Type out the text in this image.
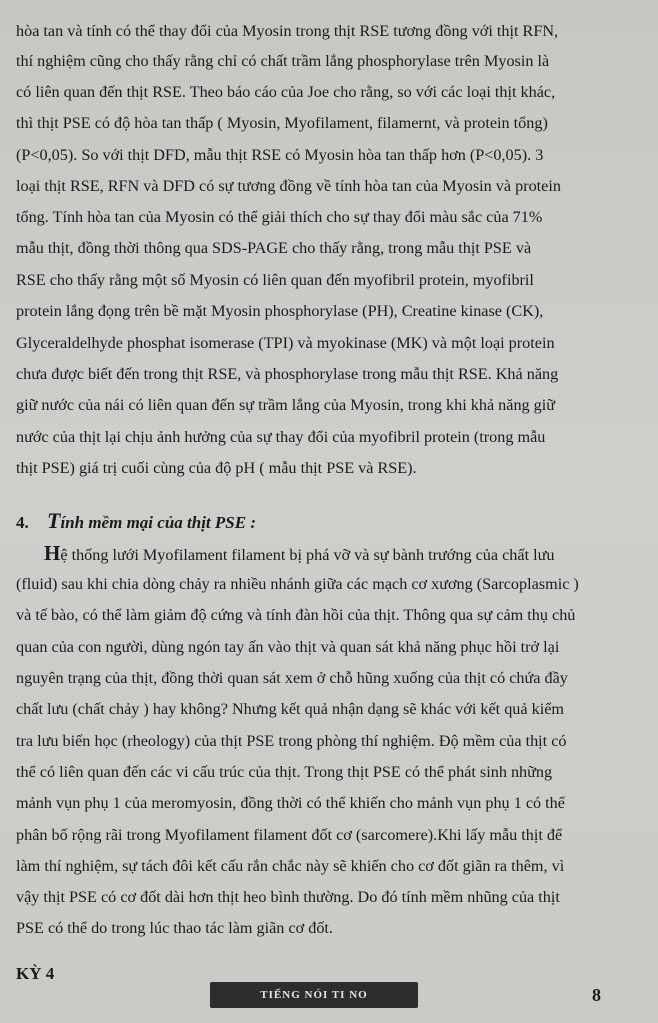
hòa tan và tính có thể thay đổi của Myosin trong thịt RSE tương đồng với thịt RFN,
thí nghiệm cũng cho thấy rằng chỉ có chất trầm lắng phosphorylase trên Myosin là
có liên quan đến thịt RSE. Theo báo cáo của Joe cho rằng, so với các loại thịt khác,
thì thịt PSE có độ hòa tan thấp ( Myosin, Myofilament, filamernt, và protein tổng)
(P<0,05). So với thịt DFD, mẫu thịt RSE có Myosin hòa tan thấp hơn (P<0,05). 3
loại thịt RSE, RFN và DFD có sự tương đồng về tính hòa tan của Myosin và protein
tổng. Tính hòa tan của Myosin có thể giải thích cho sự thay đổi màu sắc của 71%
mẫu thịt, đồng thời thông qua SDS-PAGE cho thấy rằng, trong mẫu thịt PSE và
RSE cho thấy rằng một số Myosin có liên quan đến myofibril protein, myofibril
protein lắng đọng trên bề mặt Myosin phosphorylase (PH), Creatine kinase (CK),
Glyceraldelhyde phosphat isomerase (TPI) và myokinase (MK) và một loại protein
chưa được biết đến trong thịt RSE, và phosphorylase trong mẫu thịt RSE. Khả năng
giữ nước của nái có liên quan đến sự trầm lắng của Myosin, trong khi khả năng giữ
nước của thịt lại chịu ảnh hưởng của sự thay đổi của myofibril protein (trong mẫu
thịt PSE) giá trị cuối cùng của độ pH ( mẫu thịt PSE và RSE).
4. Tính mềm mại của thịt PSE :
Hệ thống lưới Myofilament filament bị phá vỡ và sự bành trướng của chất lưu
(fluid) sau khi chia dòng chảy ra nhiều nhánh giữa các mạch cơ xương (Sarcoplasmic )
và tế bào, có thể làm giảm độ cứng và tính đàn hồi của thịt. Thông qua sự cảm thụ chủ
quan của con người, dùng ngón tay ấn vào thịt và quan sát khả năng phục hồi trở lại
nguyên trạng của thịt, đồng thời quan sát xem ở chỗ hũng xuống của thịt có chứa đầy
chất lưu (chất chảy ) hay không? Nhưng kết quả nhận dạng sẽ khác với kết quả kiểm
tra lưu biến học (rheology) của thịt PSE trong phòng thí nghiệm. Độ mềm của thịt có
thể có liên quan đến các vi cấu trúc của thịt. Trong thịt PSE có thể phát sinh những
mảnh vụn phụ 1 của meromyosin, đồng thời có thể khiến cho mảnh vụn phụ 1 có thể
phân bố rộng rãi trong Myofilament filament đốt cơ (sarcomere).Khi lấy mẫu thịt để
làm thí nghiệm, sự tách đôi kết cấu rắn chắc này sẽ khiến cho cơ đốt giãn ra thêm, vì
vậy thịt PSE có cơ đốt dài hơn thịt heo bình thường. Do đó tính mềm nhũng của thịt
PSE có thể do trong lúc thao tác làm giãn cơ đốt.
KỲ 4
TIẾNG NÓI TI NO	8
